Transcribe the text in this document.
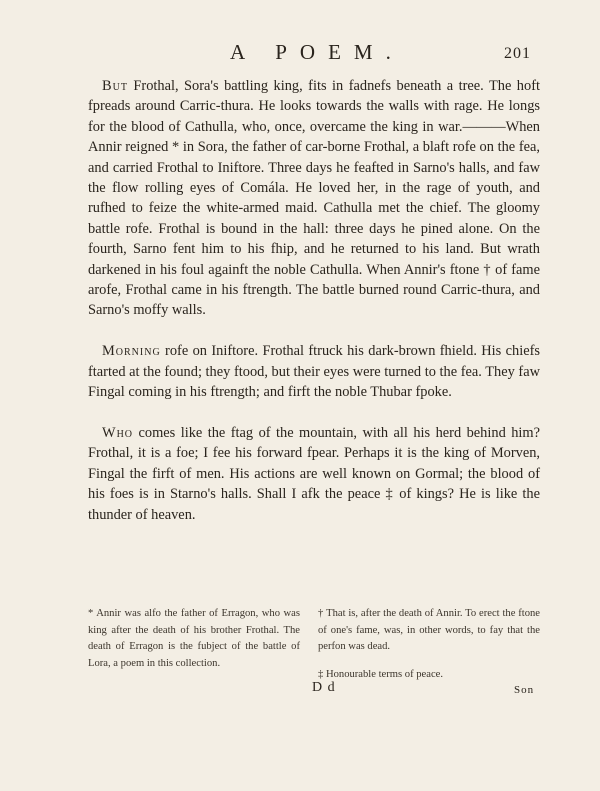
A POEM.	201

But Frothal, Sora's battling king, fits in fadnefs beneath a tree. The hoft fpreads around Carric-thura. He looks towards the walls with rage. He longs for the blood of Cathulla, who, once, overcame the king in war.———When Annir reigned * in Sora, the father of car-borne Frothal, a blaft rofe on the fea, and carried Frothal to Iniftore. Three days he feafted in Sarno's halls, and faw the flow rolling eyes of Comála. He loved her, in the rage of youth, and rufhed to feize the white-armed maid. Cathulla met the chief. The gloomy battle rofe. Frothal is bound in the hall: three days he pined alone. On the fourth, Sarno fent him to his fhip, and he returned to his land. But wrath darkened in his foul againft the noble Cathulla. When Annir's ftone † of fame arofe, Frothal came in his ftrength. The battle burned round Carric-thura, and Sarno's moffy walls.

Morning rofe on Iniftore. Frothal ftruck his dark-brown fhield. His chiefs ftarted at the found; they ftood, but their eyes were turned to the fea. They faw Fingal coming in his ftrength; and firft the noble Thubar fpoke.

Who comes like the ftag of the mountain, with all his herd behind him? Frothal, it is a foe; I fee his forward fpear. Perhaps it is the king of Morven, Fingal the firft of men. His actions are well known on Gormal; the blood of his foes is in Starno's halls. Shall I afk the peace ‡ of kings? He is like the thunder of heaven.

* Annir was alfo the father of Erragon, who was king after the death of his brother Frothal. The death of Erragon is the fubject of the battle of Lora, a poem in this collection.

† That is, after the death of Annir. To erect the ftone of one's fame, was, in other words, to fay that the perfon was dead.

‡ Honourable terms of peace.

D d	Son
